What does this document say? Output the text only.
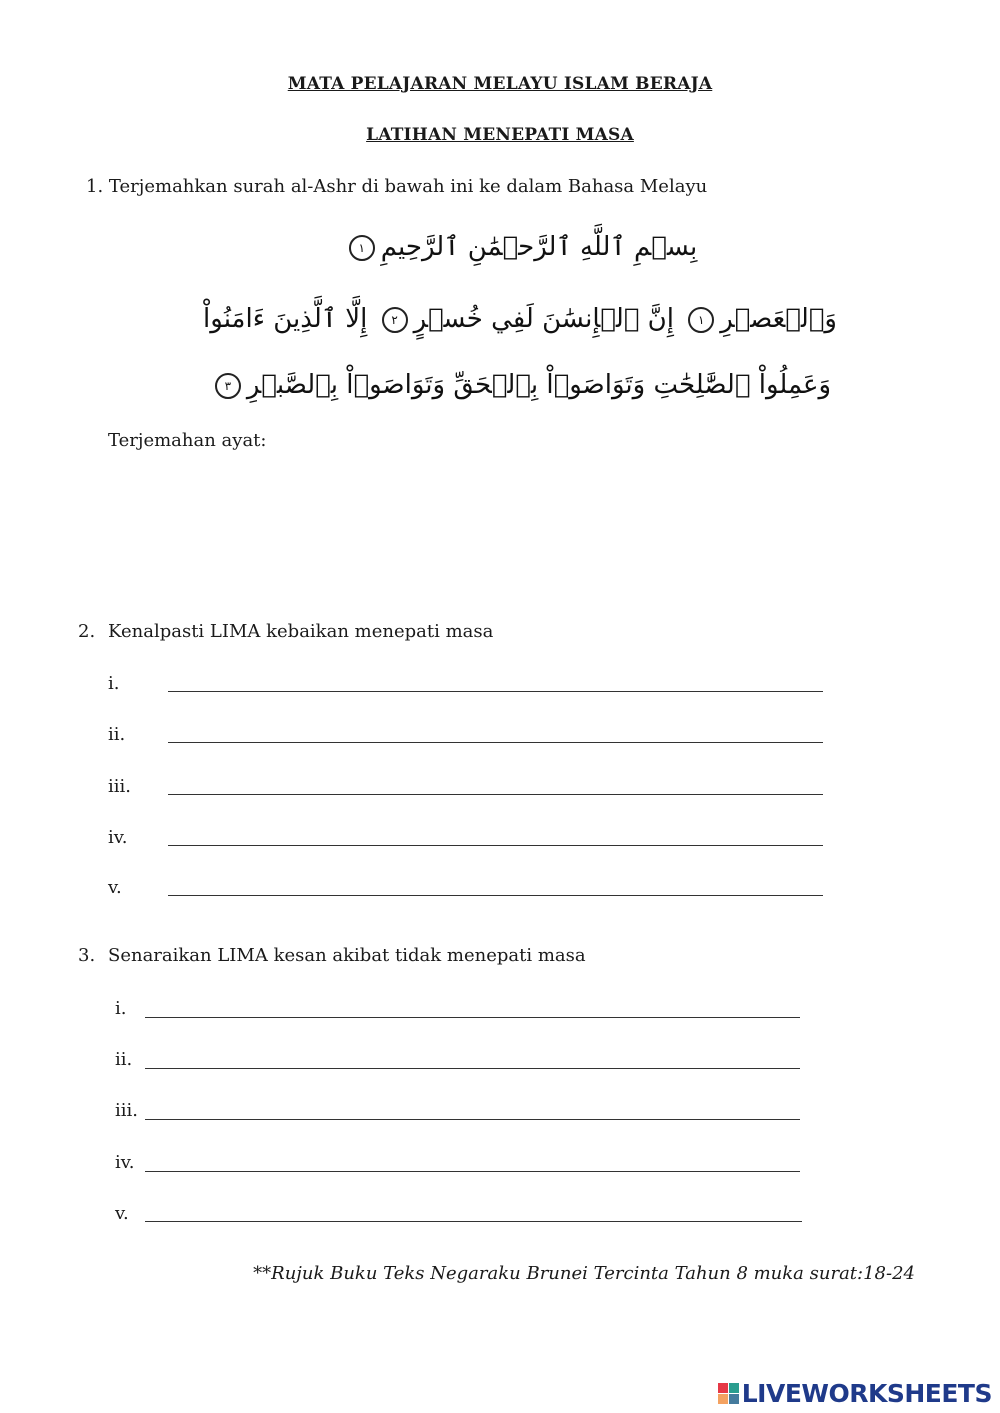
MATA PELAJARAN MELAYU ISLAM BERAJA
LATIHAN MENEPATI MASA
1. Terjemahkan surah al-Ashr di bawah ini ke dalam Bahasa Melayu
بِسۡمِ ٱللَّهِ ٱلرَّحۡمَٰنِ ٱلرَّحِيمِ١
وَٱلۡعَصۡرِ١ إِنَّ ٱلۡإِنسَٰنَ لَفِي خُسۡرٍ٢ إِلَّا ٱلَّذِينَ ءَامَنُواْ
وَعَمِلُواْ ٱلصَّٰلِحَٰتِ وَتَوَاصَوۡاْ بِٱلۡحَقِّ وَتَوَاصَوۡاْ بِٱلصَّبۡرِ٣
Terjemahan ayat:
2. Kenalpasti LIMA kebaikan menepati masa
i.
ii.
iii.
iv.
v.
3. Senaraikan LIMA kesan akibat tidak menepati masa
i.
ii.
iii.
iv.
v.
**Rujuk Buku Teks Negaraku Brunei Tercinta Tahun 8 muka surat:18-24
LIVEWORKSHEETS
